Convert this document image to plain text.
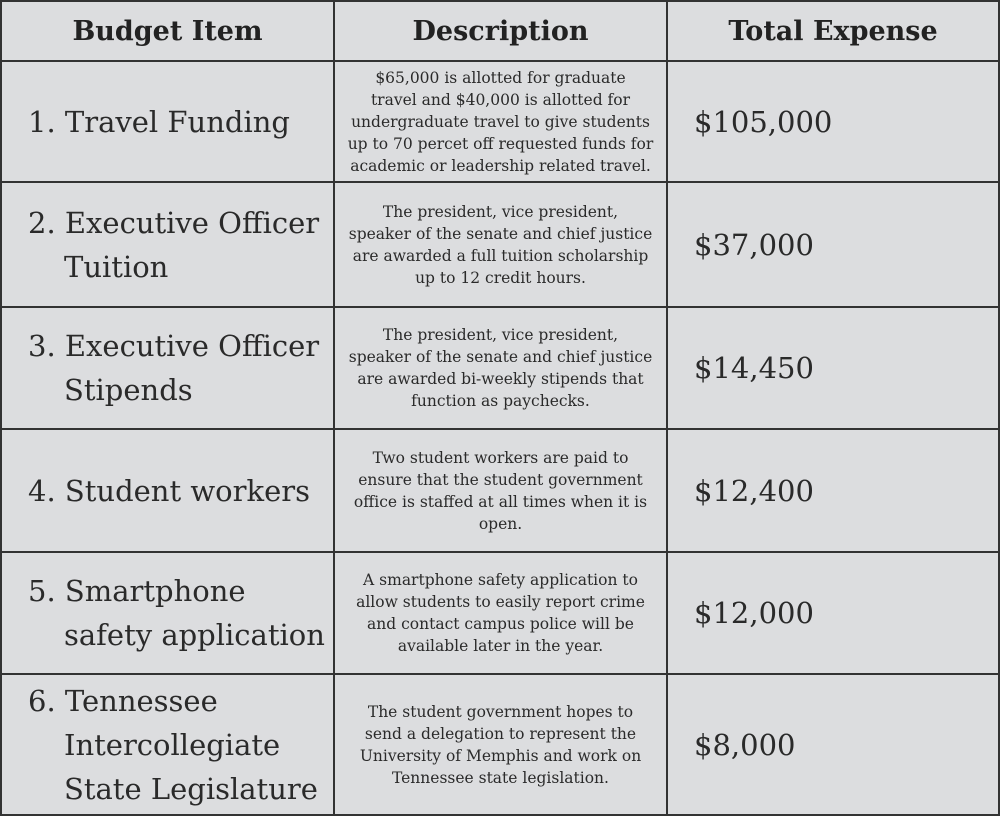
Budget Item	Description	Total Expense
1. Travel Funding
$65,000 is allotted for graduate
travel and $40,000 is allotted for
undergraduate travel to give students
up to 70 percet off requested funds for
academic or leadership related travel.
$105,000
2. Executive Officer
Tuition
The president, vice president,
speaker of the senate and chief justice
are awarded a full tuition scholarship
up to 12 credit hours.
$37,000
3. Executive Officer
Stipends
The president, vice president,
speaker of the senate and chief justice
are awarded bi-weekly stipends that
function as paychecks.
$14,450
4. Student workers
Two student workers are paid to
ensure that the student government
office is staffed at all times when it is
open.
$12,400
5. Smartphone
safety application
A smartphone safety application to
allow students to easily report crime
and contact campus police will be
available later in the year.
$12,000
6. Tennessee
Intercollegiate
State Legislature
The student government hopes to
send a delegation to represent the
University of Memphis and work on
Tennessee state legislation.
$8,000
